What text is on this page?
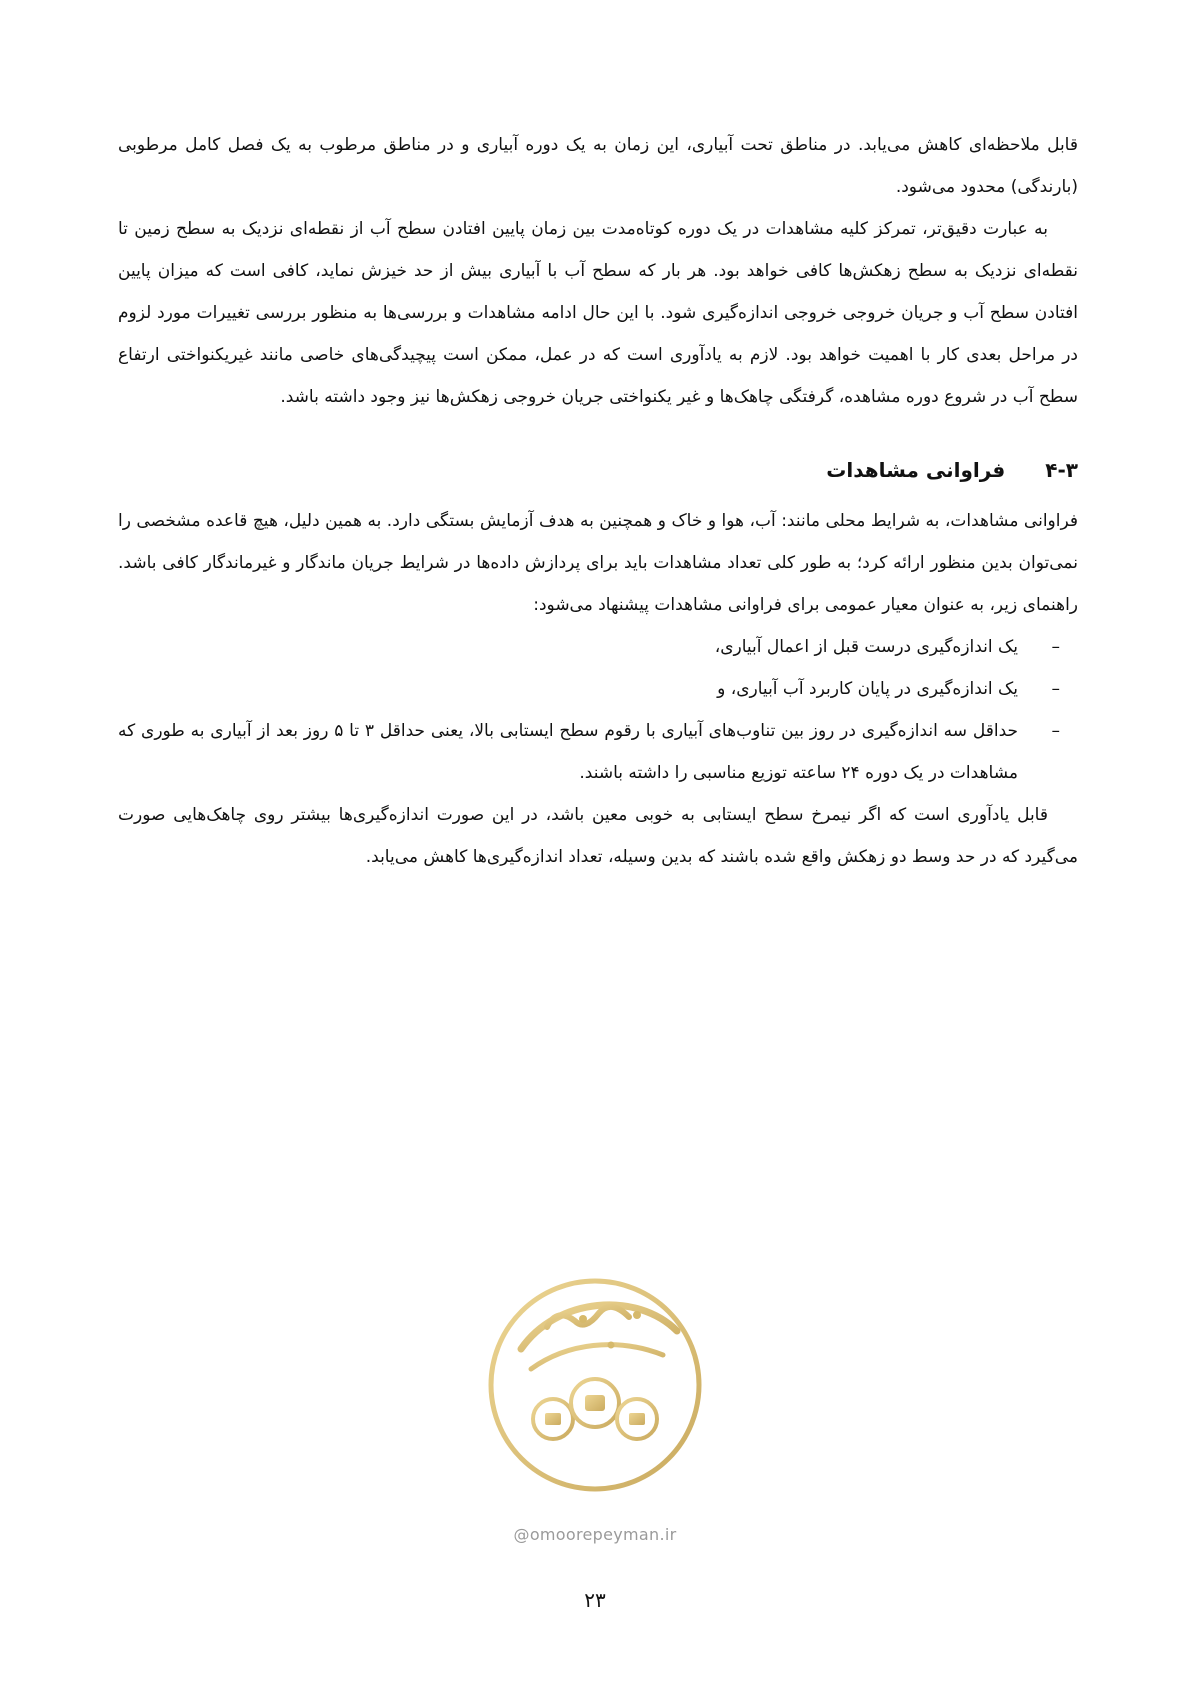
قابل ملاحظه‌ای کاهش می‌یابد. در مناطق تحت آبیاری، این زمان به یک دوره آبیاری و در مناطق مرطوب به یک فصل کامل مرطوبی (بارندگی) محدود می‌شود.

به عبارت دقیق‌تر، تمرکز کلیه مشاهدات در یک دوره کوتاه‌مدت بین زمان پایین افتادن سطح آب از نقطه‌ای نزدیک به سطح زمین تا نقطه‌ای نزدیک به سطح زهکش‌ها کافی خواهد بود. هر بار که سطح آب با آبیاری بیش از حد خیزش نماید، کافی است که میزان پایین افتادن سطح آب و جریان خروجی خروجی اندازه‌گیری شود. با این حال ادامه مشاهدات و بررسی‌ها به منظور بررسی تغییرات مورد لزوم در مراحل بعدی کار با اهمیت خواهد بود. لازم به یادآوری است که در عمل، ممکن است پیچیدگی‌های خاصی مانند غیریکنواختی ارتفاع سطح آب در شروع دوره مشاهده، گرفتگی چاهک‌ها و غیر یکنواختی جریان خروجی زهکش‌ها نیز وجود داشته باشد.

۴-۳فراوانی مشاهدات

فراوانی مشاهدات، به شرایط محلی مانند: آب، هوا و خاک و همچنین به هدف آزمایش بستگی دارد. به همین دلیل، هیچ قاعده مشخصی را نمی‌توان بدین منظور ارائه کرد؛ به طور کلی تعداد مشاهدات باید برای پردازش داده‌ها در شرایط جریان ماندگار و غیرماندگار کافی باشد. راهنمای زیر، به عنوان معیار عمومی برای فراوانی مشاهدات پیشنهاد می‌شود:

–
یک اندازه‌گیری درست قبل از اعمال آبیاری،
–
یک اندازه‌گیری در پایان کاربرد آب آبیاری، و
–
حداقل سه اندازه‌گیری در روز بین تناوب‌های آبیاری با رقوم سطح ایستابی بالا، یعنی حداقل ۳ تا ۵ روز بعد از آبیاری به طوری که مشاهدات در یک دوره ۲۴ ساعته توزیع مناسبی را داشته باشند.

قابل یادآوری است که اگر نیمرخ سطح ایستابی به خوبی معین باشد، در این صورت اندازه‌گیری‌ها بیشتر روی چاهک‌هایی صورت می‌گیرد که در حد وسط دو زهکش واقع شده باشند که بدین وسیله، تعداد اندازه‌گیری‌ها کاهش می‌یابد.

@omoorepeyman.ir
۲۳
